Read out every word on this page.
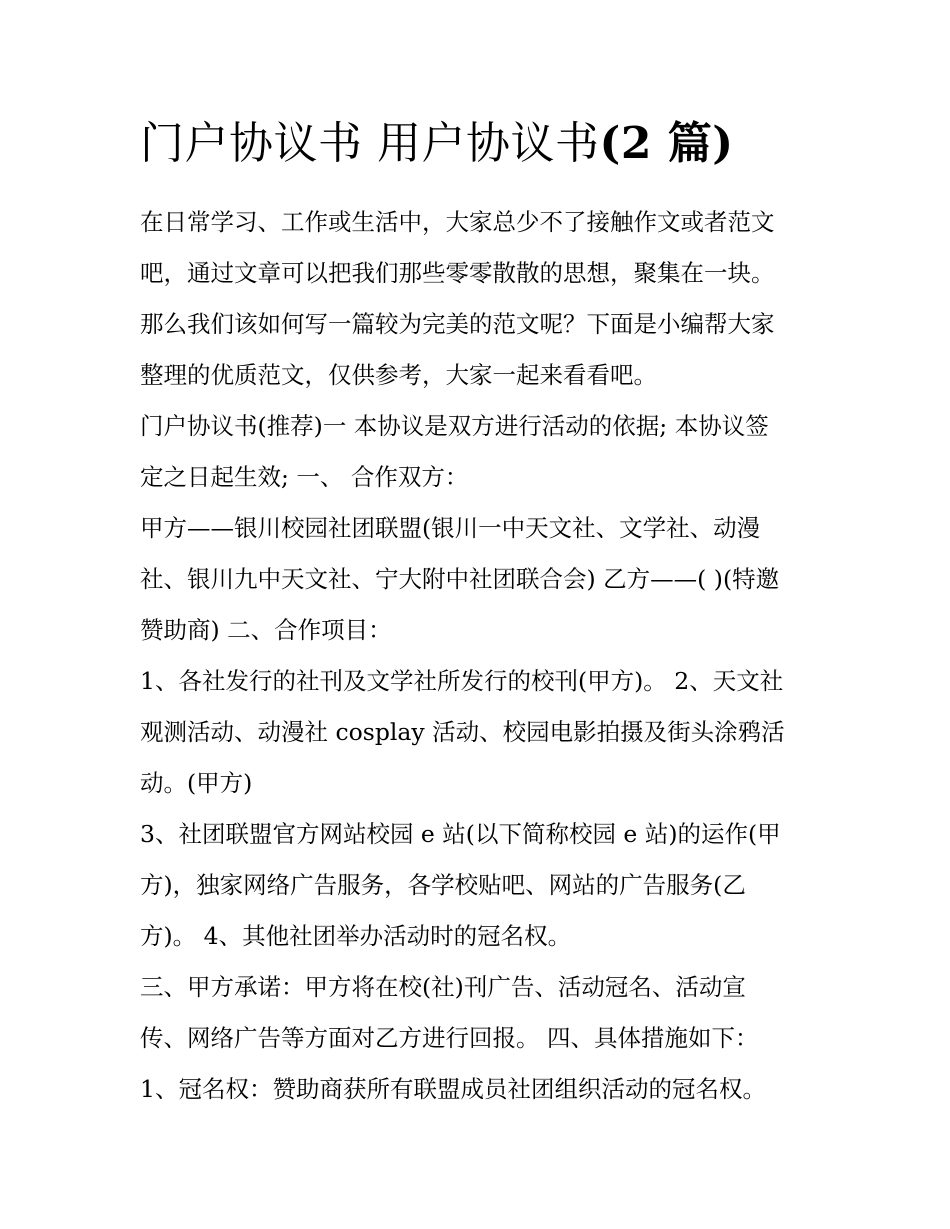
门户协议书 用户协议书(2 篇)

在日常学习、工作或生活中，大家总少不了接触作文或者范文
吧，通过文章可以把我们那些零零散散的思想，聚集在一块。
那么我们该如何写一篇较为完美的范文呢？下面是小编帮大家
整理的优质范文，仅供参考，大家一起来看看吧。

门户协议书(推荐)一 本协议是双方进行活动的依据; 本协议签
定之日起生效; 一、 合作双方：

甲方——银川校园社团联盟(银川一中天文社、文学社、动漫
社、银川九中天文社、宁大附中社团联合会) 乙方——( )(特邀
赞助商) 二、合作项目：

1、各社发行的社刊及文学社所发行的校刊(甲方)。 2、天文社
观测活动、动漫社 cosplay 活动、校园电影拍摄及街头涂鸦活
动。(甲方)

3、社团联盟官方网站校园 e 站(以下简称校园 e 站)的运作(甲
方)，独家网络广告服务，各学校贴吧、网站的广告服务(乙
方)。 4、其他社团举办活动时的冠名权。

三、甲方承诺：甲方将在校(社)刊广告、活动冠名、活动宣
传、网络广告等方面对乙方进行回报。 四、具体措施如下：

1、冠名权：赞助商获所有联盟成员社团组织活动的冠名权。
